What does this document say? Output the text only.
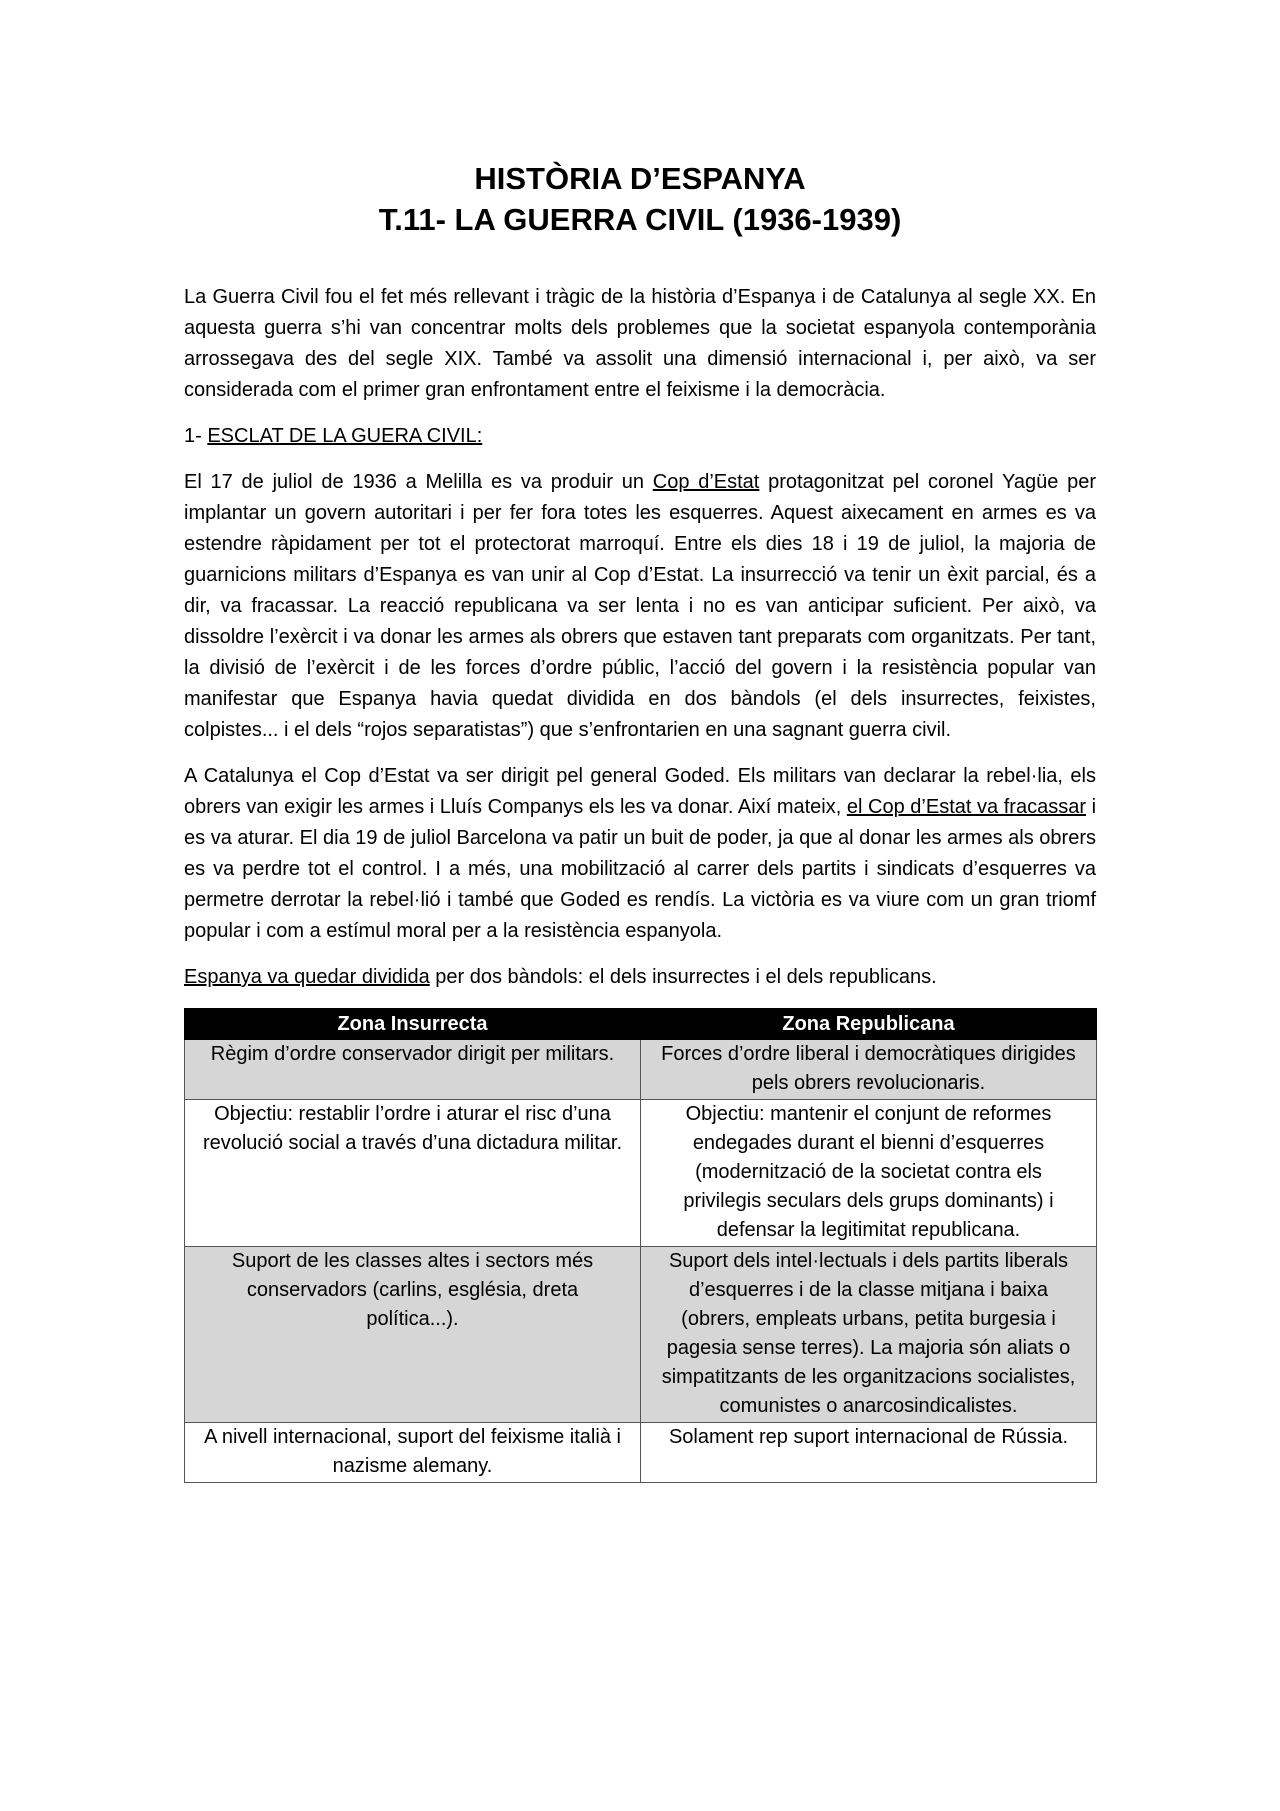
HISTÒRIA D’ESPANYA
T.11- LA GUERRA CIVIL (1936-1939)

La Guerra Civil fou el fet més rellevant i tràgic de la història d’Espanya i de Catalunya al segle XX. En aquesta guerra s’hi van concentrar molts dels problemes que la societat espanyola contemporània arrossegava des del segle XIX. També va assolit una dimensió internacional i, per això, va ser considerada com el primer gran enfrontament entre el feixisme i la democràcia.

1- ESCLAT DE LA GUERA CIVIL:

El 17 de juliol de 1936 a Melilla es va produir un Cop d’Estat protagonitzat pel coronel Yagüe per implantar un govern autoritari i per fer fora totes les esquerres. Aquest aixecament en armes es va estendre ràpidament per tot el protectorat marroquí. Entre els dies 18 i 19 de juliol, la majoria de guarnicions militars d’Espanya es van unir al Cop d’Estat. La insurrecció va tenir un èxit parcial, és a dir, va fracassar. La reacció republicana va ser lenta i no es van anticipar suficient. Per això, va dissoldre l’exèrcit i va donar les armes als obrers que estaven tant preparats com organitzats. Per tant, la divisió de l’exèrcit i de les forces d’ordre públic, l’acció del govern i la resistència popular van manifestar que Espanya havia quedat dividida en dos bàndols (el dels insurrectes, feixistes, colpistes... i el dels “rojos separatistas”) que s’enfrontarien en una sagnant guerra civil.

A Catalunya el Cop d’Estat va ser dirigit pel general Goded. Els militars van declarar la rebel·lia, els obrers van exigir les armes i Lluís Companys els les va donar. Així mateix, el Cop d’Estat va fracassar i es va aturar. El dia 19 de juliol Barcelona va patir un buit de poder, ja que al donar les armes als obrers es va perdre tot el control. I a més, una mobilització al carrer dels partits i sindicats d’esquerres va permetre derrotar la rebel·lió i també que Goded es rendís. La victòria es va viure com un gran triomf popular i com a estímul moral per a la resistència espanyola.

Espanya va quedar dividida per dos bàndols: el dels insurrectes i el dels republicans.

Zona Insurrecta	Zona Republicana
Règim d’ordre conservador dirigit per militars.	Forces d’ordre liberal i democràtiques dirigides pels obrers revolucionaris.
Objectiu: restablir l’ordre i aturar el risc d’una revolució social a través d’una dictadura militar.	Objectiu: mantenir el conjunt de reformes endegades durant el bienni d’esquerres (modernització de la societat contra els privilegis seculars dels grups dominants) i defensar la legitimitat republicana.
Suport de les classes altes i sectors més conservadors (carlins, església, dreta política...).	Suport dels intel·lectuals i dels partits liberals d’esquerres i de la classe mitjana i baixa (obrers, empleats urbans, petita burgesia i pagesia sense terres). La majoria són aliats o simpatitzants de les organitzacions socialistes, comunistes o anarcosindicalistes.
A nivell internacional, suport del feixisme italià i nazisme alemany.	Solament rep suport internacional de Rússia.
